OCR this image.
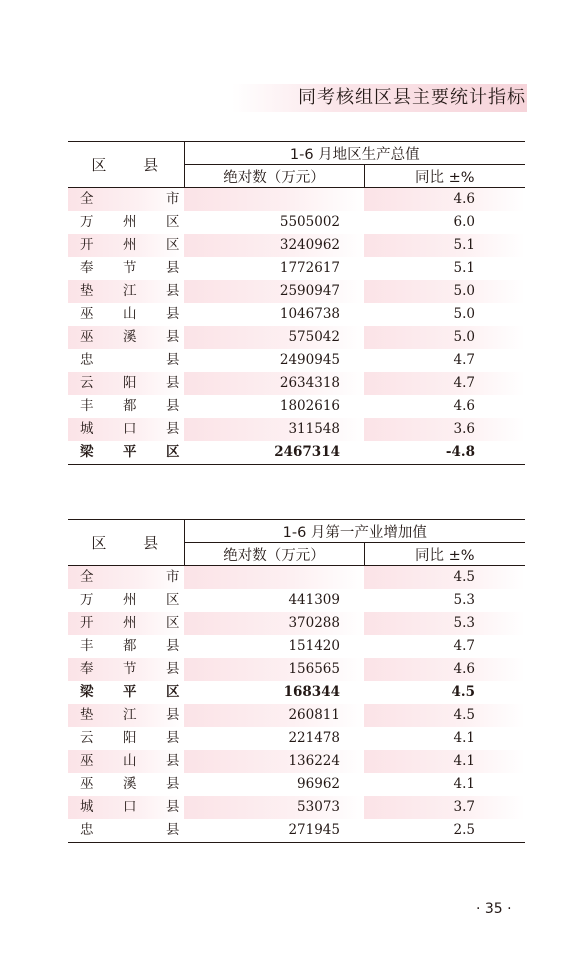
同考核组区县主要统计指标
区 县	1-6 月地区生产总值	
	绝对数（万元）	同比 ±%
全 市		4.6
万 州 区	5505002	6.0
开 州 区	3240962	5.1
奉 节 县	1772617	5.1
垫 江 县	2590947	5.0
巫 山 县	1046738	5.0
巫 溪 县	575042	5.0
忠 县	2490945	4.7
云 阳 县	2634318	4.7
丰 都 县	1802616	4.6
城 口 县	311548	3.6
梁 平 区	2467314	-4.8
区 县	1-6 月第一产业增加值	
	绝对数（万元）	同比 ±%
全 市		4.5
万 州 区	441309	5.3
开 州 区	370288	5.3
丰 都 县	151420	4.7
奉 节 县	156565	4.6
梁 平 区	168344	4.5
垫 江 县	260811	4.5
云 阳 县	221478	4.1
巫 山 县	136224	4.1
巫 溪 县	96962	4.1
城 口 县	53073	3.7
忠 县	271945	2.5
· 35 ·
